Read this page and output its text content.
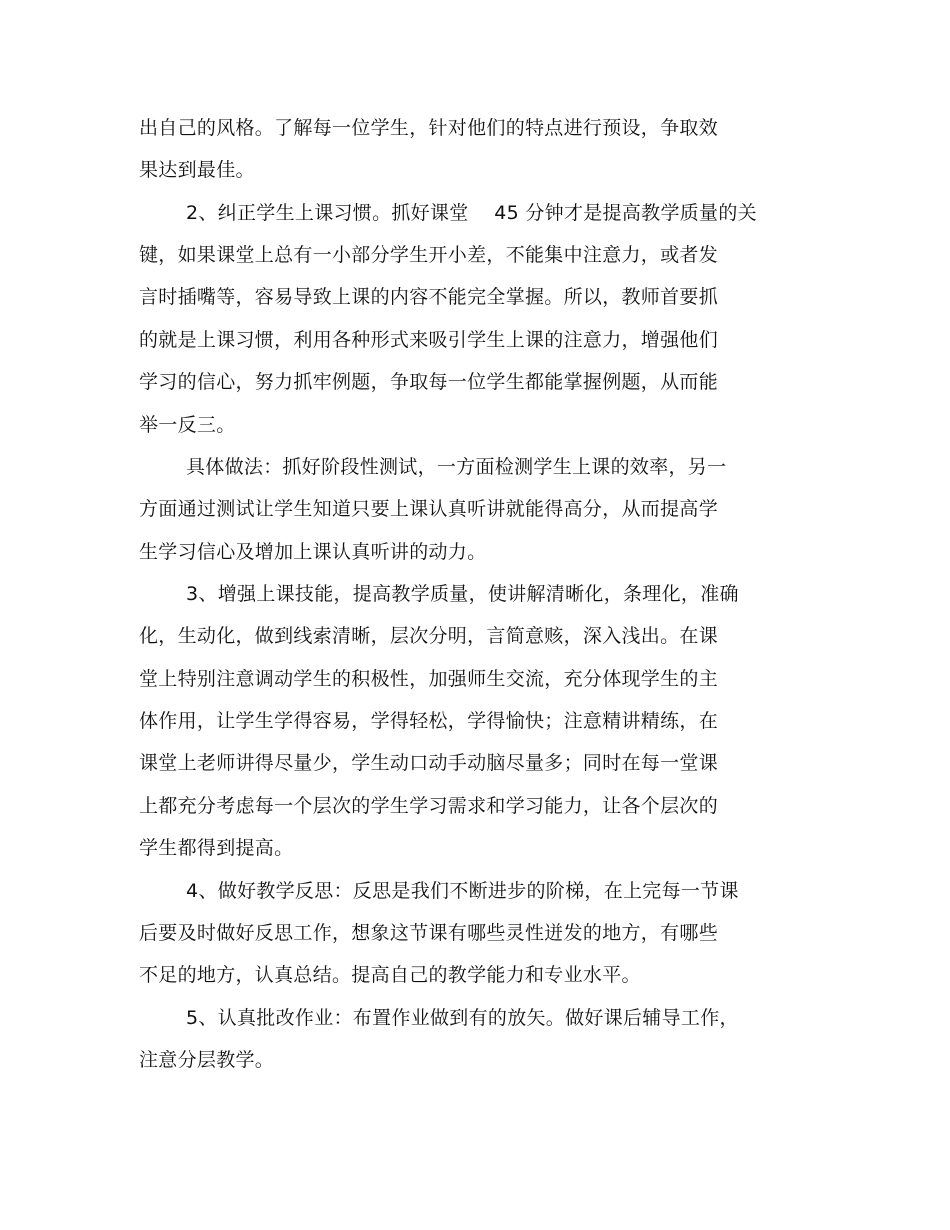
出自己的风格。了解每一位学生，针对他们的特点进行预设，争取效
果达到最佳。
2、纠正学生上课习惯。抓好课堂　 45 分钟才是提高教学质量的关
键，如果课堂上总有一小部分学生开小差，不能集中注意力，或者发
言时插嘴等，容易导致上课的内容不能完全掌握。所以，教师首要抓
的就是上课习惯，利用各种形式来吸引学生上课的注意力，增强他们
学习的信心，努力抓牢例题，争取每一位学生都能掌握例题，从而能
举一反三。
具体做法：抓好阶段性测试，一方面检测学生上课的效率，另一
方面通过测试让学生知道只要上课认真听讲就能得高分，从而提高学
生学习信心及增加上课认真听讲的动力。
3、增强上课技能，提高教学质量，使讲解清晰化，条理化，准确
化，生动化，做到线索清晰，层次分明，言简意赅，深入浅出。在课
堂上特别注意调动学生的积极性，加强师生交流，充分体现学生的主
体作用，让学生学得容易，学得轻松，学得愉快；注意精讲精练，在
课堂上老师讲得尽量少，学生动口动手动脑尽量多；同时在每一堂课
上都充分考虑每一个层次的学生学习需求和学习能力，让各个层次的
学生都得到提高。
4、做好教学反思：反思是我们不断进步的阶梯，在上完每一节课
后要及时做好反思工作，想象这节课有哪些灵性迸发的地方，有哪些
不足的地方，认真总结。提高自己的教学能力和专业水平。
5、认真批改作业：布置作业做到有的放矢。做好课后辅导工作，
注意分层教学。
